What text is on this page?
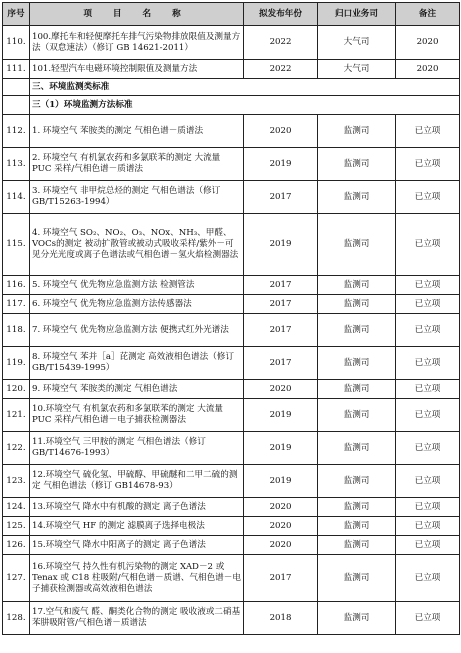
序号	项 目 名 称	拟发布年份	归口业务司	备注
110.	100.摩托车和轻便摩托车排气污染物排放限值及测量方法（双怠速法）（修订 GB 14621-2011）	2022	大气司	2020
111.	101.轻型汽车电磁环境控制限值及测量方法	2022	大气司	2020
	三、环境监测类标准			
	三（1）环境监测方法标准			
112.	1. 环境空气 苯胺类的测定 气相色谱－质谱法	2020	监测司	已立项
113.	2. 环境空气 有机氯农药和多氯联苯的测定 大流量 PUC 采样/气相色谱－质谱法	2019	监测司	已立项
114.	3. 环境空气 非甲烷总烃的测定 气相色谱法（修订 GB/T15263-1994）	2017	监测司	已立项
115.	4. 环境空气 SO₂、NO₂、O₃、NOx、NH₃、甲醛、VOCs的测定 被动扩散管或被动式吸收采样/紫外－可见分光光度或离子色谱法或气相色谱－氢火焰检测器法	2019	监测司	已立项
116.	5. 环境空气 优先物应急监测方法 检测管法	2017	监测司	已立项
117.	6. 环境空气 优先物应急监测方法传感器法	2017	监测司	已立项
118.	7. 环境空气 优先物应急监测方法 便携式红外光谱法	2017	监测司	已立项
119.	8. 环境空气 苯并［a］芘测定 高效液相色谱法（修订 GB/T15439-1995）	2017	监测司	已立项
120.	9. 环境空气 苯胺类的测定 气相色谱法	2020	监测司	已立项
121.	10.环境空气 有机氯农药和多氯联苯的测定 大流量 PUC 采样/气相色谱－电子捕获检测器法	2019	监测司	已立项
122.	11.环境空气 三甲胺的测定 气相色谱法（修订 GB/T14676-1993）	2019	监测司	已立项
123.	12.环境空气 硫化氢、甲硫醇、甲硫醚和二甲二硫的测定 气相色谱法（修订 GB14678-93）	2019	监测司	已立项
124.	13.环境空气 降水中有机酸的测定 离子色谱法	2020	监测司	已立项
125.	14.环境空气 HF 的测定 滤膜离子选择电极法	2020	监测司	已立项
126.	15.环境空气 降水中阳离子的测定 离子色谱法	2020	监测司	已立项
127.	16.环境空气 持久性有机污染物的测定 XAD－2 或 Tenax 或 C18 柱吸附/气相色谱－质谱、气相色谱－电子捕获检测器或高效液相色谱法	2017	监测司	已立项
128.	17.空气和废气 醛、酮类化合物的测定 吸收液或二硝基苯肼吸附管/气相色谱－质谱法	2018	监测司	已立项
